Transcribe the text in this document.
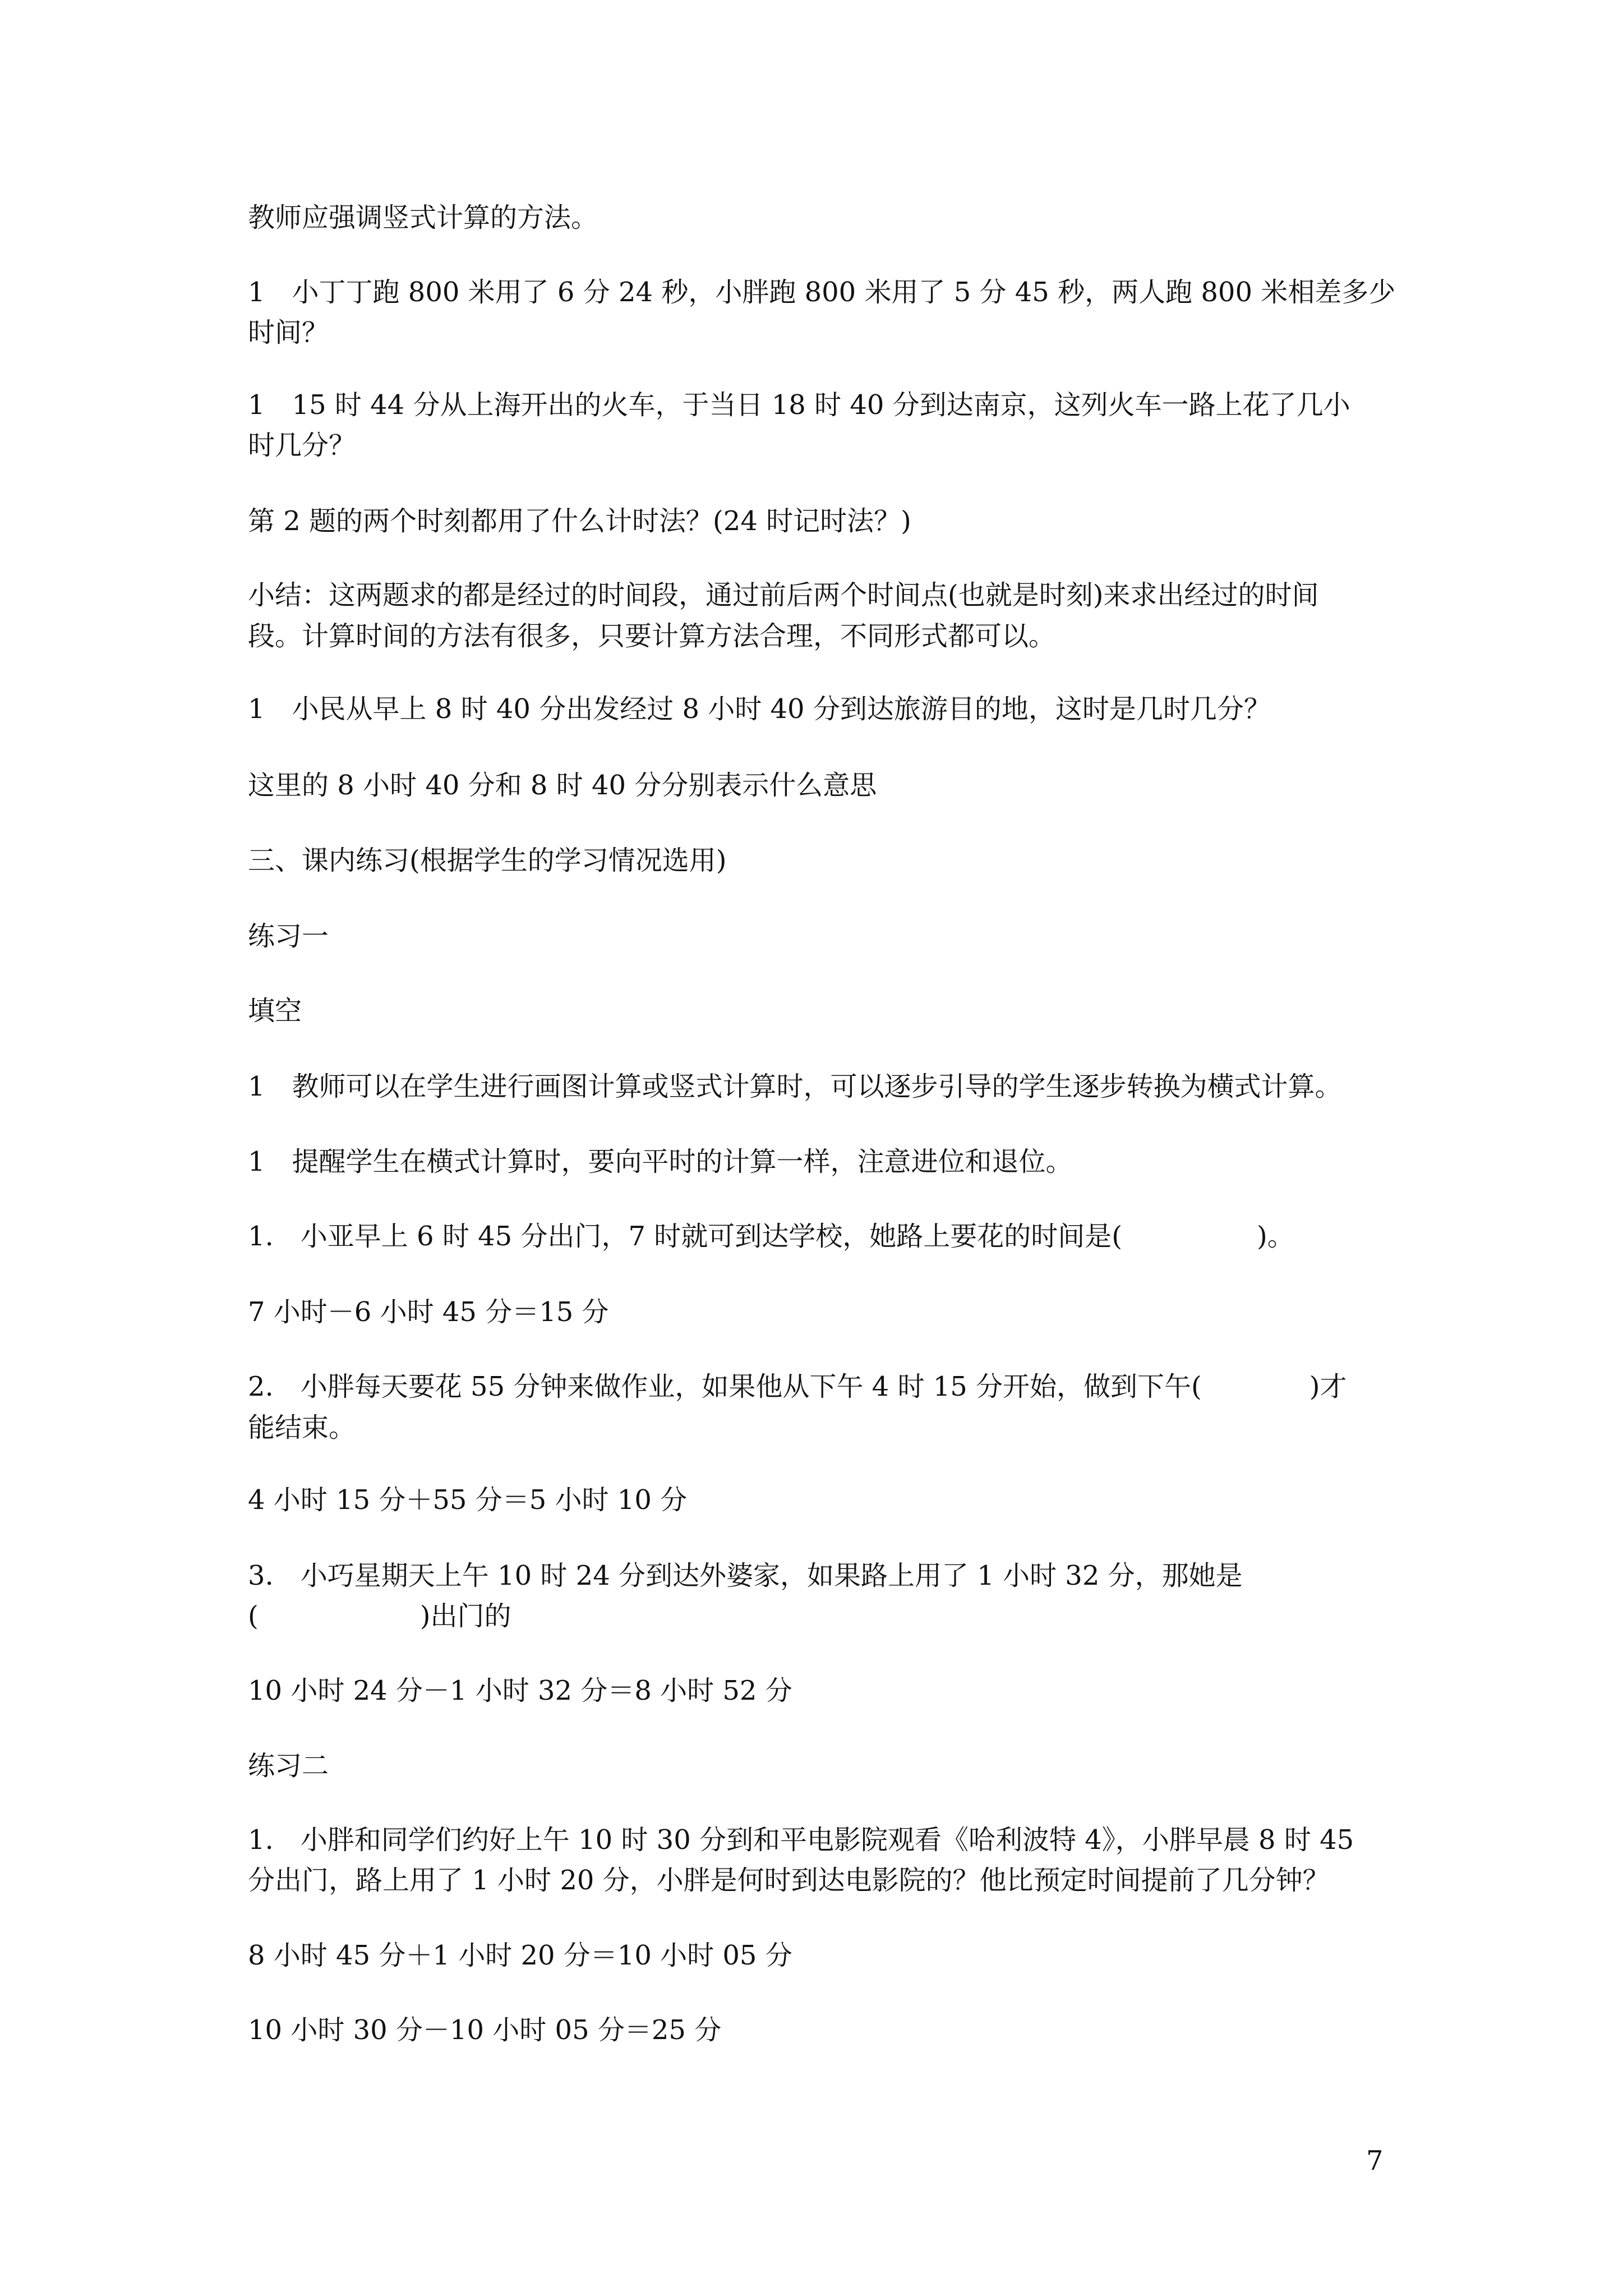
教师应强调竖式计算的方法。
1　小丁丁跑 800 米用了 6 分 24 秒，小胖跑 800 米用了 5 分 45 秒，两人跑 800 米相差多少
时间？
1　15 时 44 分从上海开出的火车，于当日 18 时 40 分到达南京，这列火车一路上花了几小
时几分？
第 2 题的两个时刻都用了什么计时法？(24 时记时法？)
小结：这两题求的都是经过的时间段，通过前后两个时间点(也就是时刻)来求出经过的时间
段。计算时间的方法有很多，只要计算方法合理，不同形式都可以。
1　小民从早上 8 时 40 分出发经过 8 小时 40 分到达旅游目的地，这时是几时几分？
这里的 8 小时 40 分和 8 时 40 分分别表示什么意思
三、课内练习(根据学生的学习情况选用)
练习一
填空
1　教师可以在学生进行画图计算或竖式计算时，可以逐步引导的学生逐步转换为横式计算。
1　提醒学生在横式计算时，要向平时的计算一样，注意进位和退位。
1.　小亚早上 6 时 45 分出门，7 时就可到达学校，她路上要花的时间是(　　　　　)。
7 小时－6 小时 45 分＝15 分
2.　小胖每天要花 55 分钟来做作业，如果他从下午 4 时 15 分开始，做到下午(　　　　)才
能结束。
4 小时 15 分＋55 分＝5 小时 10 分
3.　小巧星期天上午 10 时 24 分到达外婆家，如果路上用了 1 小时 32 分，那她是
(　　　　　　)出门的
10 小时 24 分－1 小时 32 分＝8 小时 52 分
练习二
1.　小胖和同学们约好上午 10 时 30 分到和平电影院观看《哈利波特 4》，小胖早晨 8 时 45
分出门，路上用了 1 小时 20 分，小胖是何时到达电影院的？他比预定时间提前了几分钟？
8 小时 45 分＋1 小时 20 分＝10 小时 05 分
10 小时 30 分－10 小时 05 分＝25 分
7
